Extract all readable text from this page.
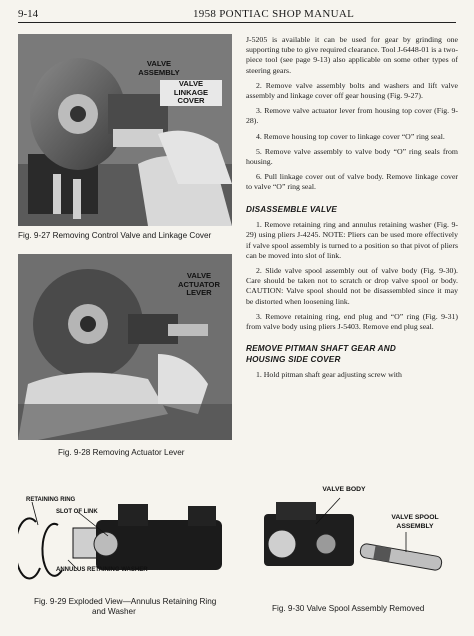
9-14	1958 PONTIAC SHOP MANUAL
VALVE
ASSEMBLY
VALVE
LINKAGE
COVER
Fig. 9-27 Removing Control Valve and Linkage Cover
VALVE
ACTUATOR
LEVER
Fig. 9-28 Removing Actuator Lever
RETAINING RING
SLOT OF LINK
ANNULUS RETAINING WASHER
Fig. 9-29 Exploded View—Annulus Retaining Ring
and Washer
VALVE BODY
VALVE SPOOL
ASSEMBLY
Fig. 9-30 Valve Spool Assembly Removed

J-5205 is available it can be used for gear by grinding one supporting tube to give required clearance. Tool J-6448-01 is a two-piece tool (see page 9-13) also applicable on some other types of steering gears.

2. Remove valve assembly bolts and washers and lift valve assembly and linkage cover off gear housing (Fig. 9-27).

3. Remove valve actuator lever from housing top cover (Fig. 9-28).

4. Remove housing top cover to linkage cover “O” ring seal.

5. Remove valve assembly to valve body “O” ring seals from housing.

6. Pull linkage cover out of valve body. Remove linkage cover to valve “O” ring seal.

DISASSEMBLE VALVE

1. Remove retaining ring and annulus retaining washer (Fig. 9-29) using pliers J-4245. NOTE: Pliers can be used more effectively if valve spool assembly is turned to a position so that pivot of pliers can be moved into slot of link.

2. Slide valve spool assembly out of valve body (Fig. 9-30). Care should be taken not to scratch or drop valve spool or body. CAUTION: Valve spool should not be disassembled since it may be distorted when loosening link.

3. Remove retaining ring, end plug and “O” ring (Fig. 9-31) from valve body using pliers J-5403. Remove end plug seal.

REMOVE PITMAN SHAFT GEAR AND
HOUSING SIDE COVER

1. Hold pitman shaft gear adjusting screw with
